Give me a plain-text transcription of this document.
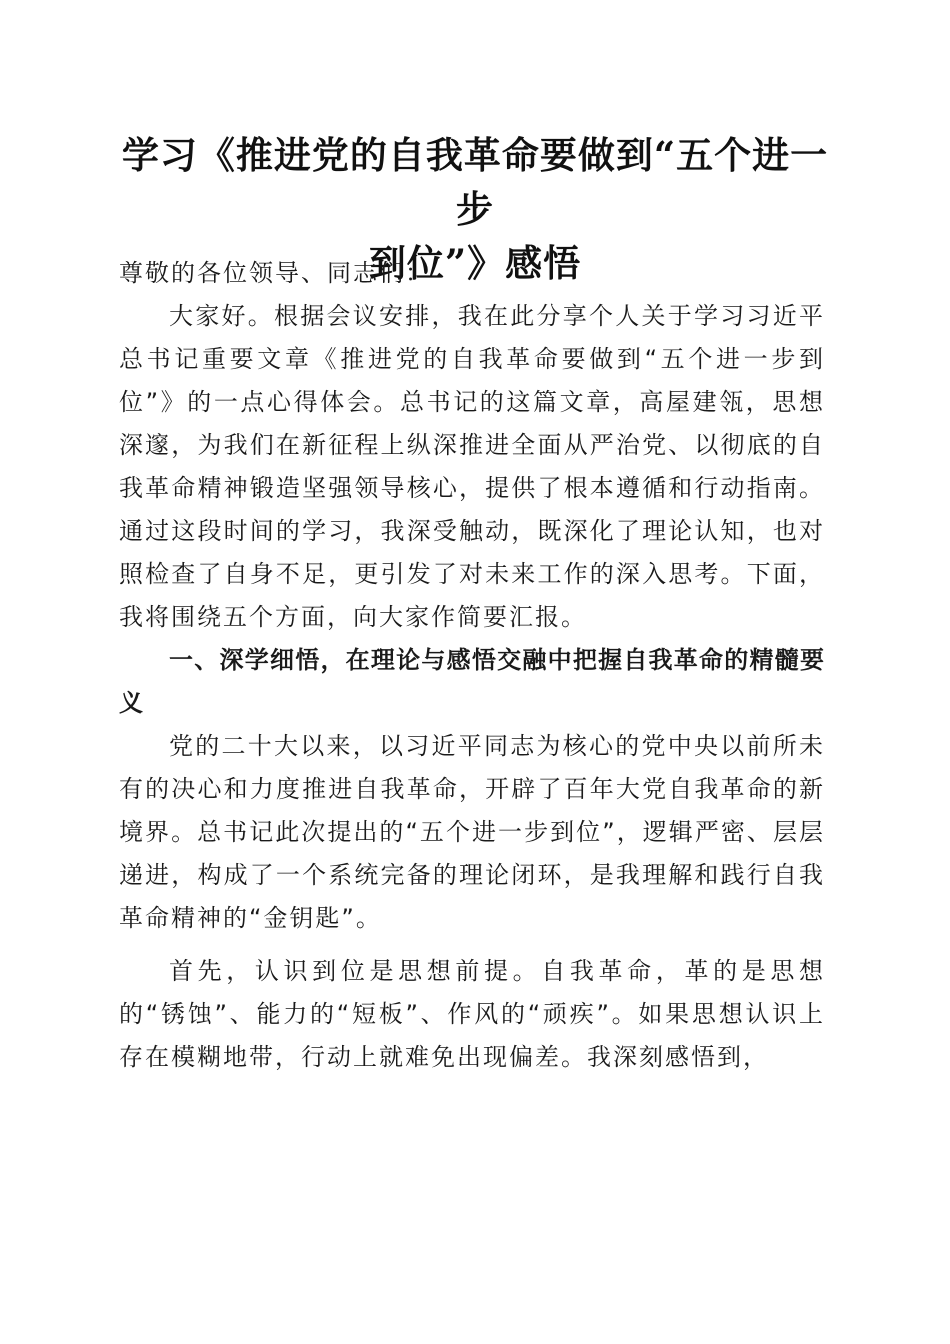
学习《推进党的自我革命要做到“五个进一步
到位”》感悟

尊敬的各位领导、同志们：

大家好。根据会议安排，我在此分享个人关于学习习近平总书记重要文章《推进党的自我革命要做到“五个进一步到位”》的一点心得体会。总书记的这篇文章，高屋建瓴，思想深邃，为我们在新征程上纵深推进全面从严治党、以彻底的自我革命精神锻造坚强领导核心，提供了根本遵循和行动指南。通过这段时间的学习，我深受触动，既深化了理论认知，也对照检查了自身不足，更引发了对未来工作的深入思考。下面，我将围绕五个方面，向大家作简要汇报。

一、深学细悟，在理论与感悟交融中把握自我革命的精髓要义

党的二十大以来，以习近平同志为核心的党中央以前所未有的决心和力度推进自我革命，开辟了百年大党自我革命的新境界。总书记此次提出的“五个进一步到位”，逻辑严密、层层递进，构成了一个系统完备的理论闭环，是我理解和践行自我革命精神的“金钥匙”。

首先，认识到位是思想前提。自我革命，革的是思想的“锈蚀”、能力的“短板”、作风的“顽疾”。如果思想认识上存在模糊地带，行动上就难免出现偏差。我深刻感悟到，
